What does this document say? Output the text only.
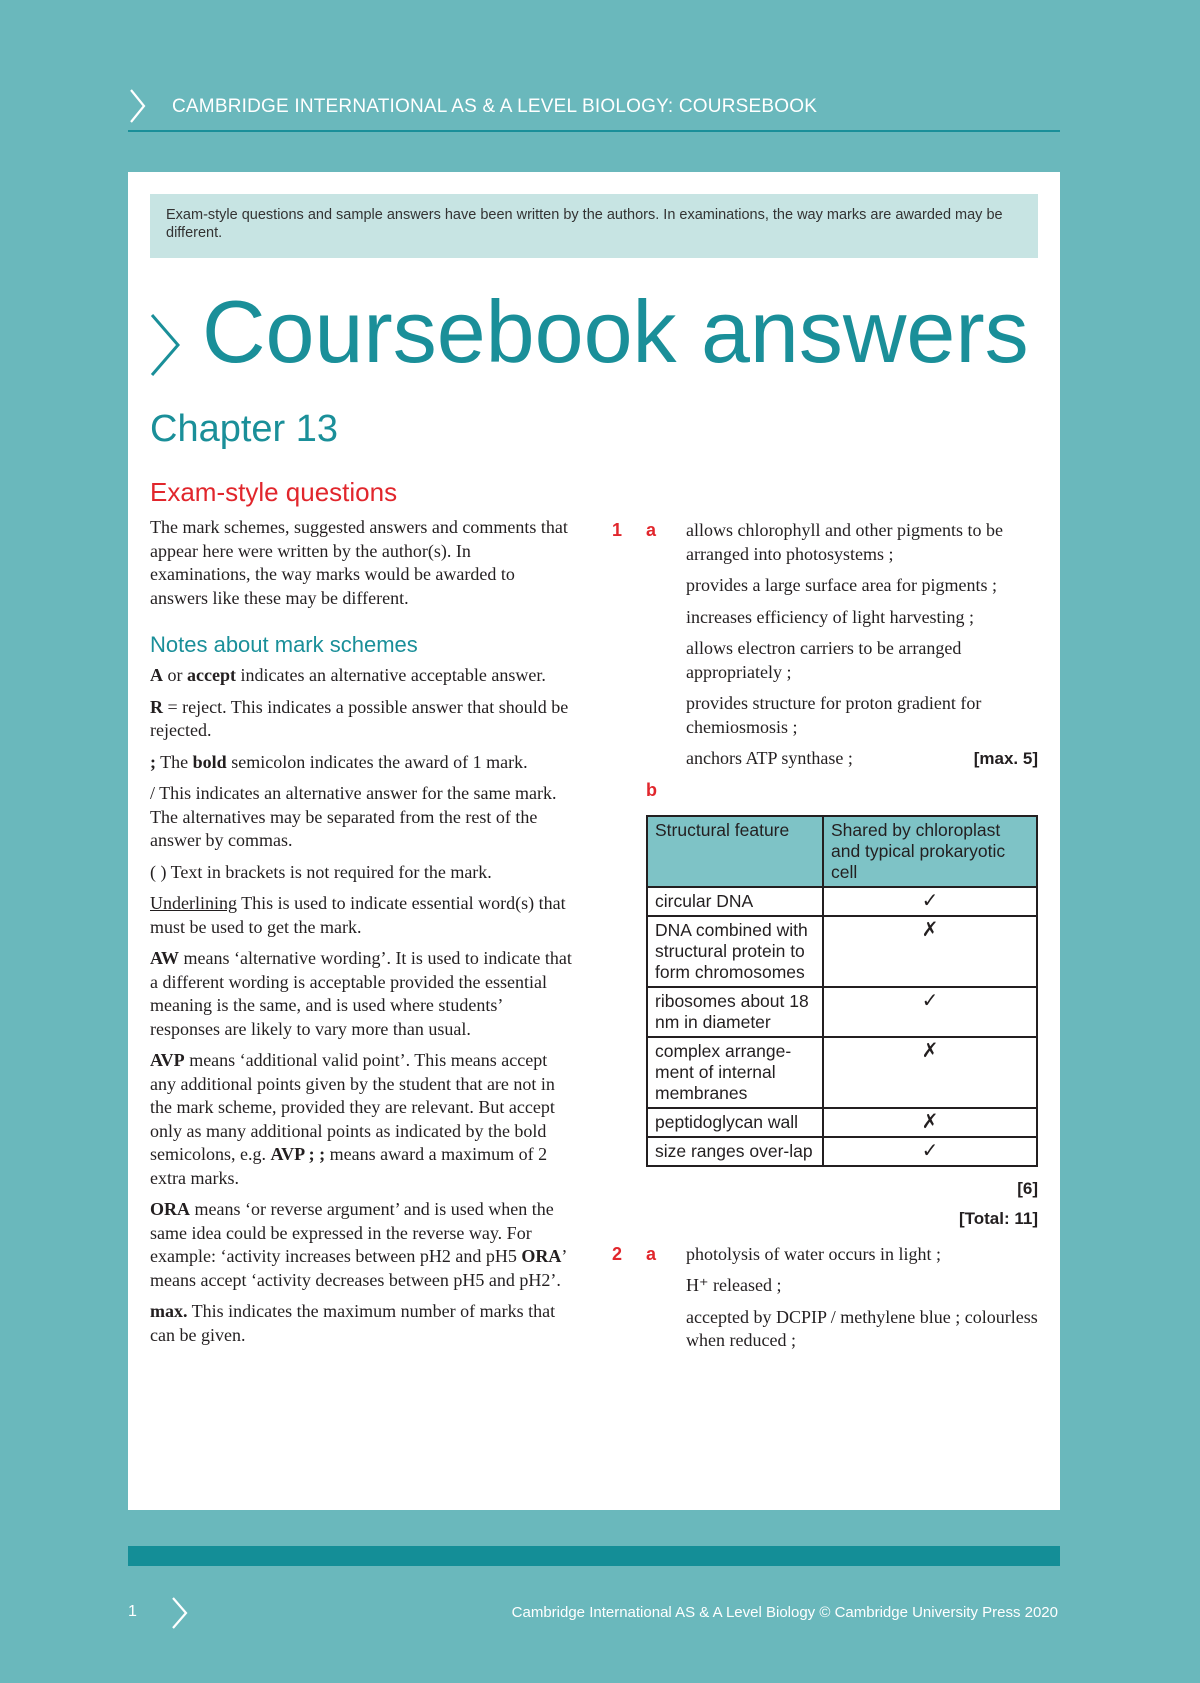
CAMBRIDGE INTERNATIONAL AS & A LEVEL BIOLOGY: COURSEBOOK
Exam-style questions and sample answers have been written by the authors. In examinations, the way marks are awarded may be different.
Coursebook answers
Chapter 13
Exam-style questions
The mark schemes, suggested answers and comments that appear here were written by the author(s). In examinations, the way marks would be awarded to answers like these may be different.
Notes about mark schemes
A or accept indicates an alternative acceptable answer.
R = reject. This indicates a possible answer that should be rejected.
; The bold semicolon indicates the award of 1 mark.
/ This indicates an alternative answer for the same mark. The alternatives may be separated from the rest of the answer by commas.
( ) Text in brackets is not required for the mark.
Underlining This is used to indicate essential word(s) that must be used to get the mark.
AW means ‘alternative wording’. It is used to indicate that a different wording is acceptable provided the essential meaning is the same, and is used where students’ responses are likely to vary more than usual.
AVP means ‘additional valid point’. This means accept any additional points given by the student that are not in the mark scheme, provided they are relevant. But accept only as many additional points as indicated by the bold semicolons, e.g. AVP ; ; means award a maximum of 2 extra marks.
ORA means ‘or reverse argument’ and is used when the same idea could be expressed in the reverse way. For example: ‘activity increases between pH2 and pH5 ORA’ means accept ‘activity decreases between pH5 and pH2’.
max. This indicates the maximum number of marks that can be given.
1 a allows chlorophyll and other pigments to be arranged into photosystems ;
provides a large surface area for pigments ;
increases efficiency of light harvesting ;
allows electron carriers to be arranged appropriately ;
provides structure for proton gradient for chemiosmosis ;
anchors ATP synthase ;	[max. 5]
b
Structural feature	Shared by chloroplast and typical prokaryotic cell
circular DNA	✓
DNA combined with structural protein to form chromosomes	✗
ribosomes about 18 nm in diameter	✓
complex arrange-ment of internal membranes	✗
peptidoglycan wall	✗
size ranges over-lap	✓
[6]
[Total: 11]
2 a photolysis of water occurs in light ;
H⁺ released ;
accepted by DCPIP / methylene blue ; colourless when reduced ;
1	Cambridge International AS & A Level Biology © Cambridge University Press 2020
